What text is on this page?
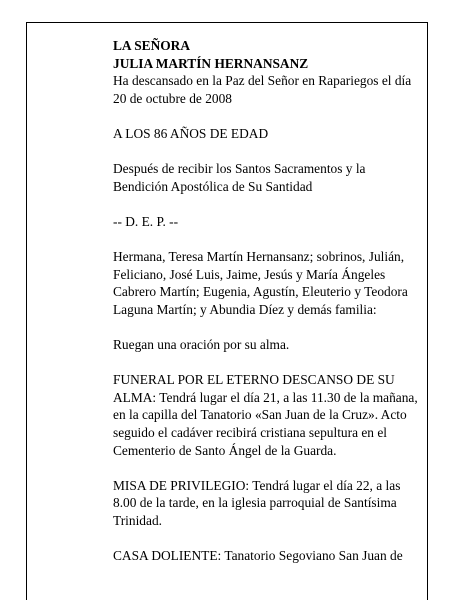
LA SEÑORA

JULIA MARTÍN HERNANSANZ

Ha descansado en la Paz del Señor en Rapariegos el día 20 de octubre de 2008

A LOS 86 AÑOS DE EDAD

Después de recibir los Santos Sacramentos y la Bendición Apostólica de Su Santidad

-- D. E. P. --

Hermana, Teresa Martín Hernansanz; sobrinos, Julián, Feliciano, José Luis, Jaime, Jesús y María Ángeles Cabrero Martín; Eugenia, Agustín, Eleuterio y Teodora Laguna Martín; y Abundia Díez y demás familia:

Ruegan una oración por su alma.

FUNERAL POR EL ETERNO DESCANSO DE SU ALMA: Tendrá lugar el día 21, a las 11.30 de la mañana, en la capilla del Tanatorio «San Juan de la Cruz». Acto seguido el cadáver recibirá cristiana sepultura en el Cementerio de Santo Ángel de la Guarda.

MISA DE PRIVILEGIO: Tendrá lugar el día 22, a las 8.00 de la tarde, en la iglesia parroquial de Santísima Trinidad.

CASA DOLIENTE: Tanatorio Segoviano San Juan de
